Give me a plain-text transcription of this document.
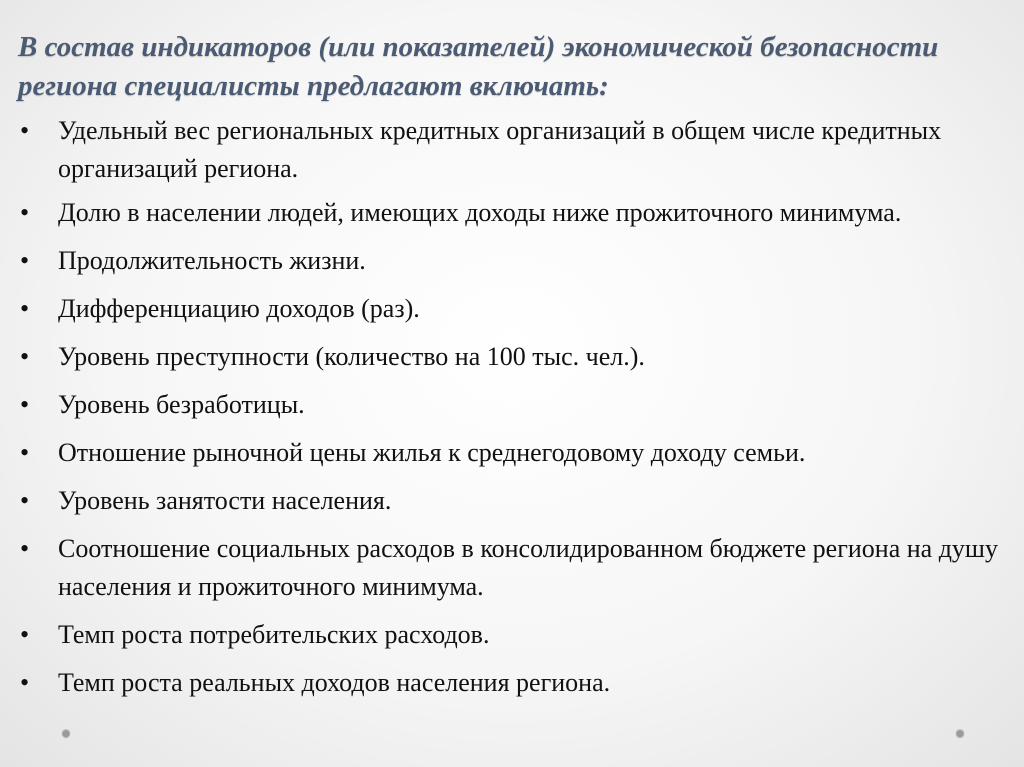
В состав индикаторов (или показателей) экономической безопасности региона специалисты предлагают включать:
•	Удельный вес региональных кредитных организаций в общем числе кредитных организаций региона.
•	Долю в населении людей, имеющих доходы ниже прожиточного минимума.
•	Продолжительность жизни.
•	Дифференциацию доходов (раз).
•	Уровень преступности (количество на 100 тыс. чел.).
•	Уровень безработицы.
•	Отношение рыночной цены жилья к среднегодовому доходу семьи.
•	Уровень занятости населения.
•	Соотношение социальных расходов в консолидированном бюджете региона на душу населения и прожиточного минимума.
•	Темп роста потребительских расходов.
•	Темп роста реальных доходов населения региона.
